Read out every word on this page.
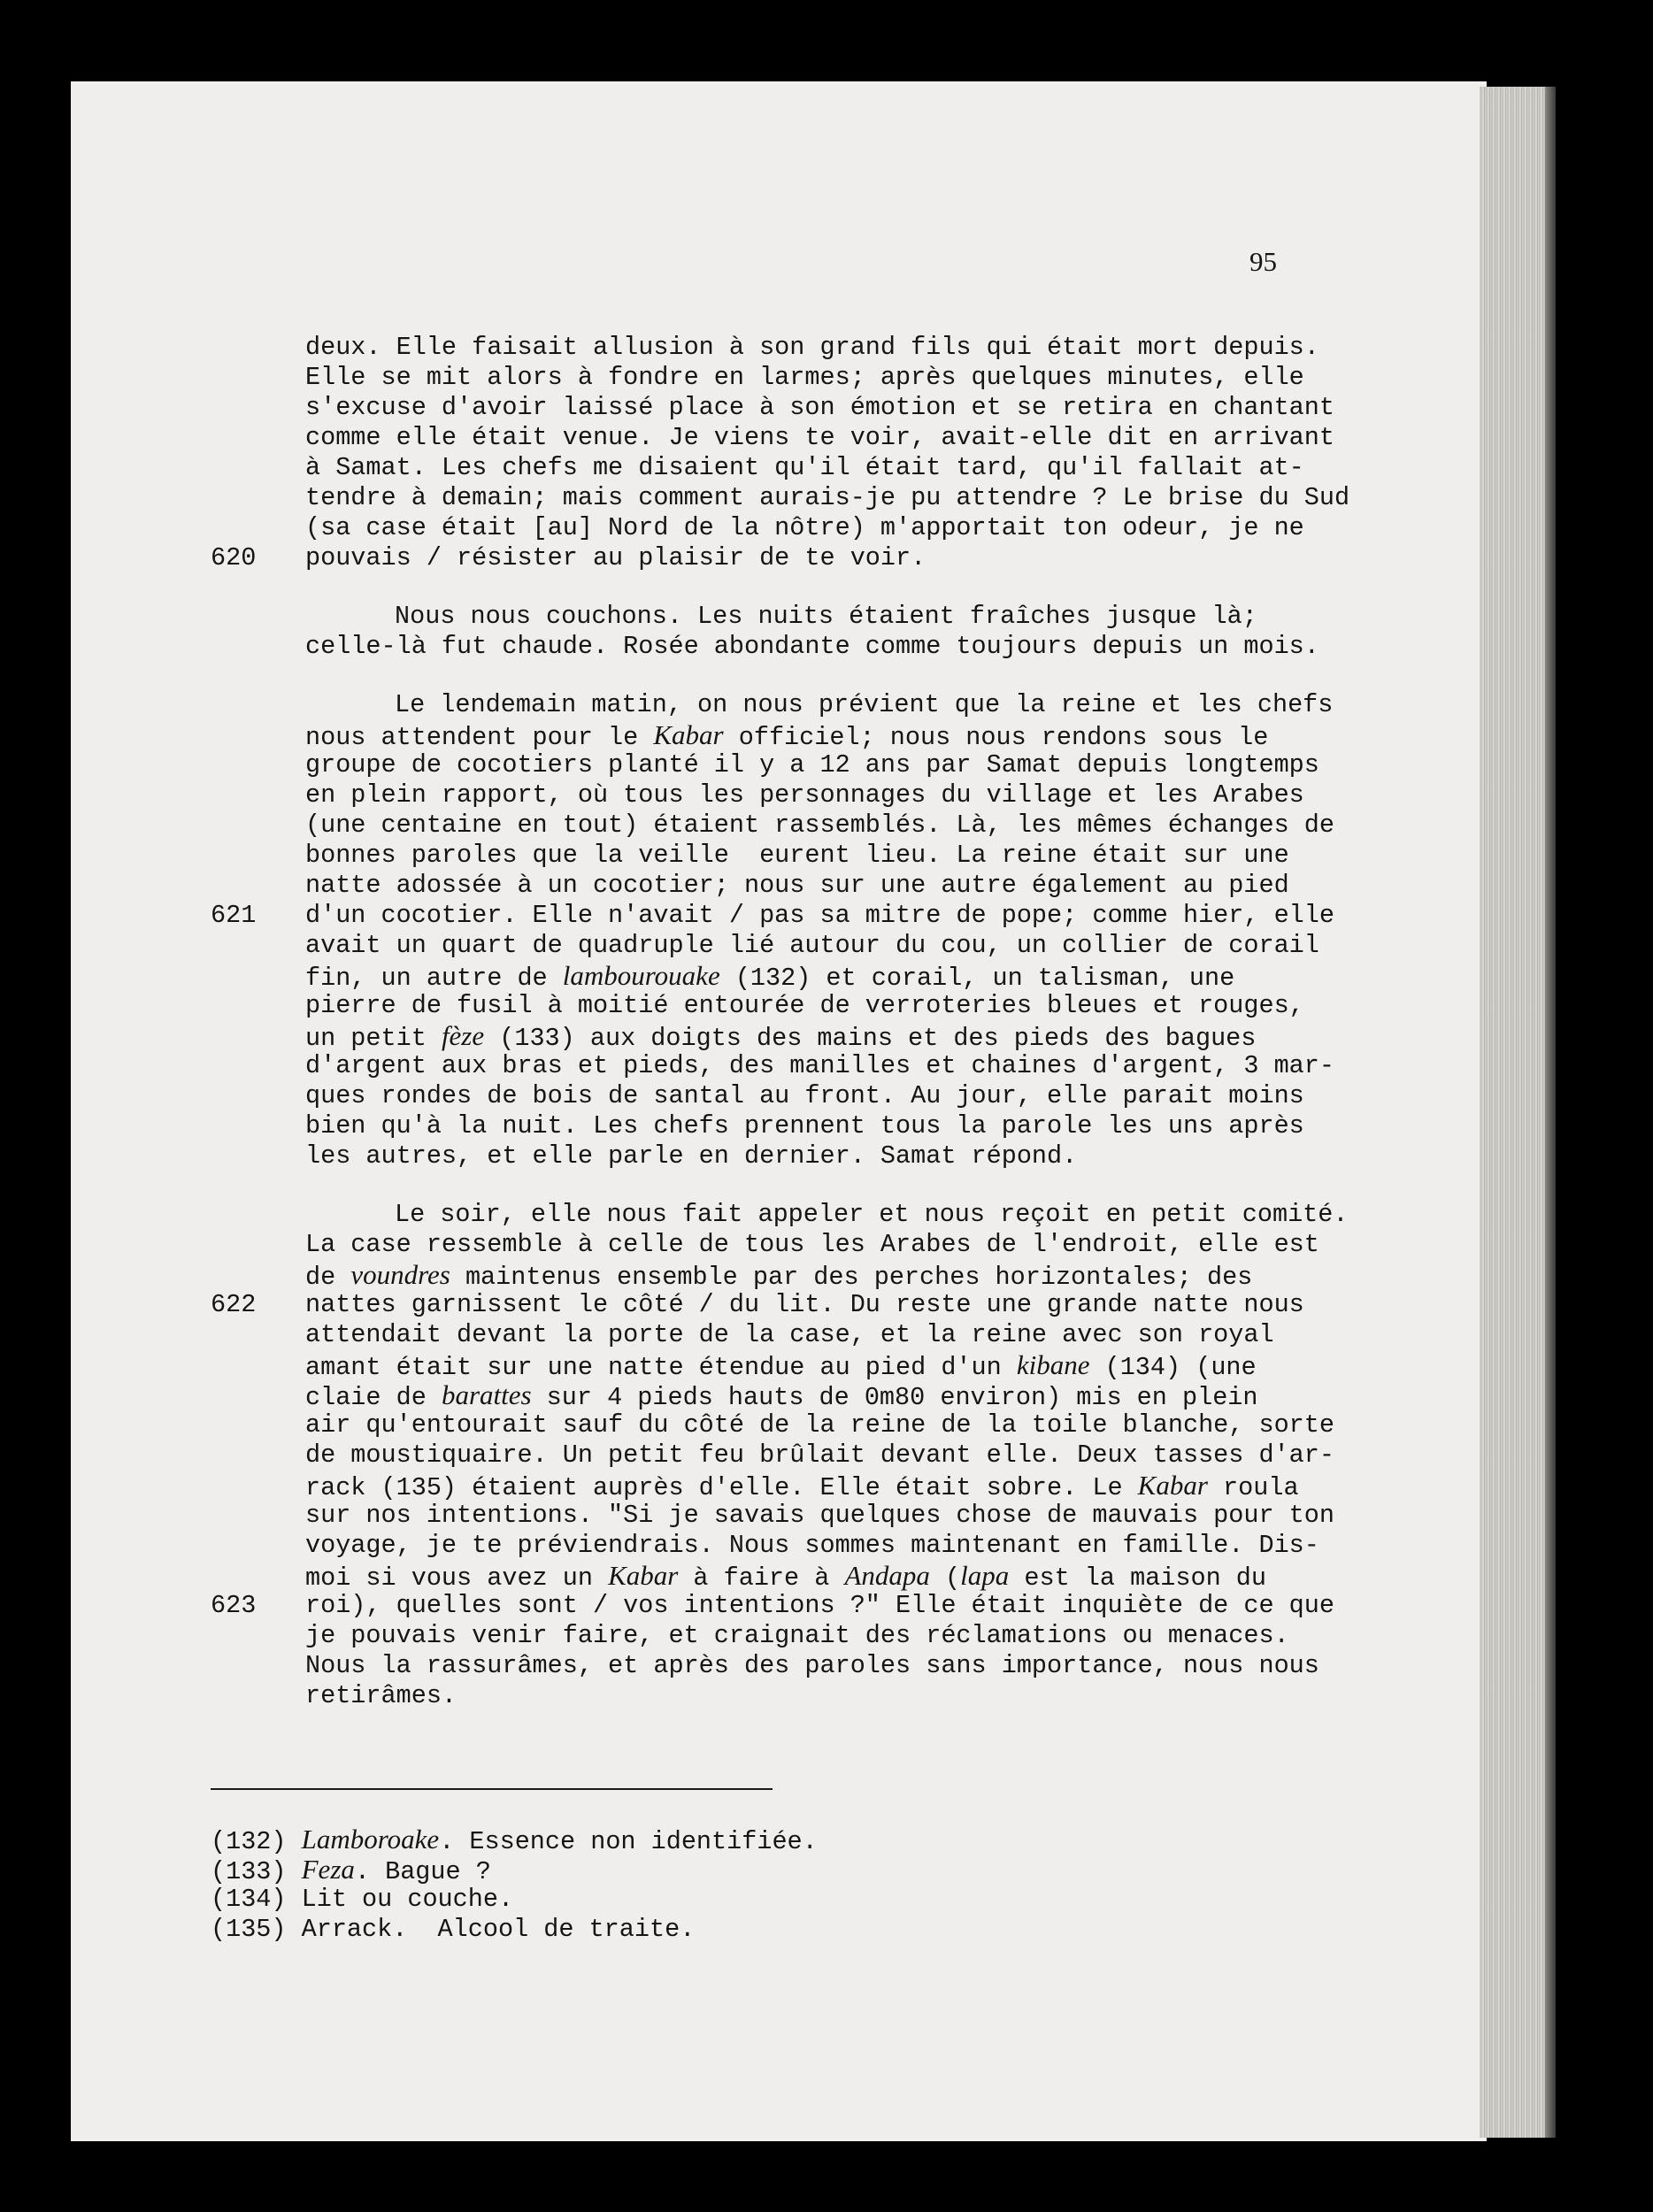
95
deux. Elle faisait allusion à son grand fils qui était mort depuis.
Elle se mit alors à fondre en larmes; après quelques minutes, elle
s'excuse d'avoir laissé place à son émotion et se retira en chantant
comme elle était venue. Je viens te voir, avait-elle dit en arrivant
à Samat. Les chefs me disaient qu'il était tard, qu'il fallait at-
tendre à demain; mais comment aurais-je pu attendre ? Le brise du Sud
(sa case était [au] Nord de la nôtre) m'apportait ton odeur, je ne
620 pouvais / résister au plaisir de te voir.
Nous nous couchons. Les nuits étaient fraîches jusque là;
celle-là fut chaude. Rosée abondante comme toujours depuis un mois.
Le lendemain matin, on nous prévient que la reine et les chefs
nous attendent pour le Kabar officiel; nous nous rendons sous le
groupe de cocotiers planté il y a 12 ans par Samat depuis longtemps
en plein rapport, où tous les personnages du village et les Arabes
(une centaine en tout) étaient rassemblés. Là, les mêmes échanges de
bonnes paroles que la veille  eurent lieu. La reine était sur une
natte adossée à un cocotier; nous sur une autre également au pied
621 d'un cocotier. Elle n'avait / pas sa mitre de pope; comme hier, elle
avait un quart de quadruple lié autour du cou, un collier de corail
fin, un autre de lambourouake (132) et corail, un talisman, une
pierre de fusil à moitié entourée de verroteries bleues et rouges,
un petit fèze (133) aux doigts des mains et des pieds des bagues
d'argent aux bras et pieds, des manilles et chaines d'argent, 3 mar-
ques rondes de bois de santal au front. Au jour, elle parait moins
bien qu'à la nuit. Les chefs prennent tous la parole les uns après
les autres, et elle parle en dernier. Samat répond.
Le soir, elle nous fait appeler et nous reçoit en petit comité.
La case ressemble à celle de tous les Arabes de l'endroit, elle est
de voundres maintenus ensemble par des perches horizontales; des
622 nattes garnissent le côté / du lit. Du reste une grande natte nous
attendait devant la porte de la case, et la reine avec son royal
amant était sur une natte étendue au pied d'un kibane (134) (une
claie de barattes sur 4 pieds hauts de 0m80 environ) mis en plein
air qu'entourait sauf du côté de la reine de la toile blanche, sorte
de moustiquaire. Un petit feu brûlait devant elle. Deux tasses d'ar-
rack (135) étaient auprès d'elle. Elle était sobre. Le Kabar roula
sur nos intentions. "Si je savais quelques chose de mauvais pour ton
voyage, je te préviendrais. Nous sommes maintenant en famille. Dis-
moi si vous avez un Kabar à faire à Andapa (lapa est la maison du
623 roi), quelles sont / vos intentions ?" Elle était inquiète de ce que
je pouvais venir faire, et craignait des réclamations ou menaces.
Nous la rassurâmes, et après des paroles sans importance, nous nous
retirâmes.
(132) Lamboroake. Essence non identifiée.
(133) Feza. Bague ?
(134) Lit ou couche.
(135) Arrack.  Alcool de traite.
